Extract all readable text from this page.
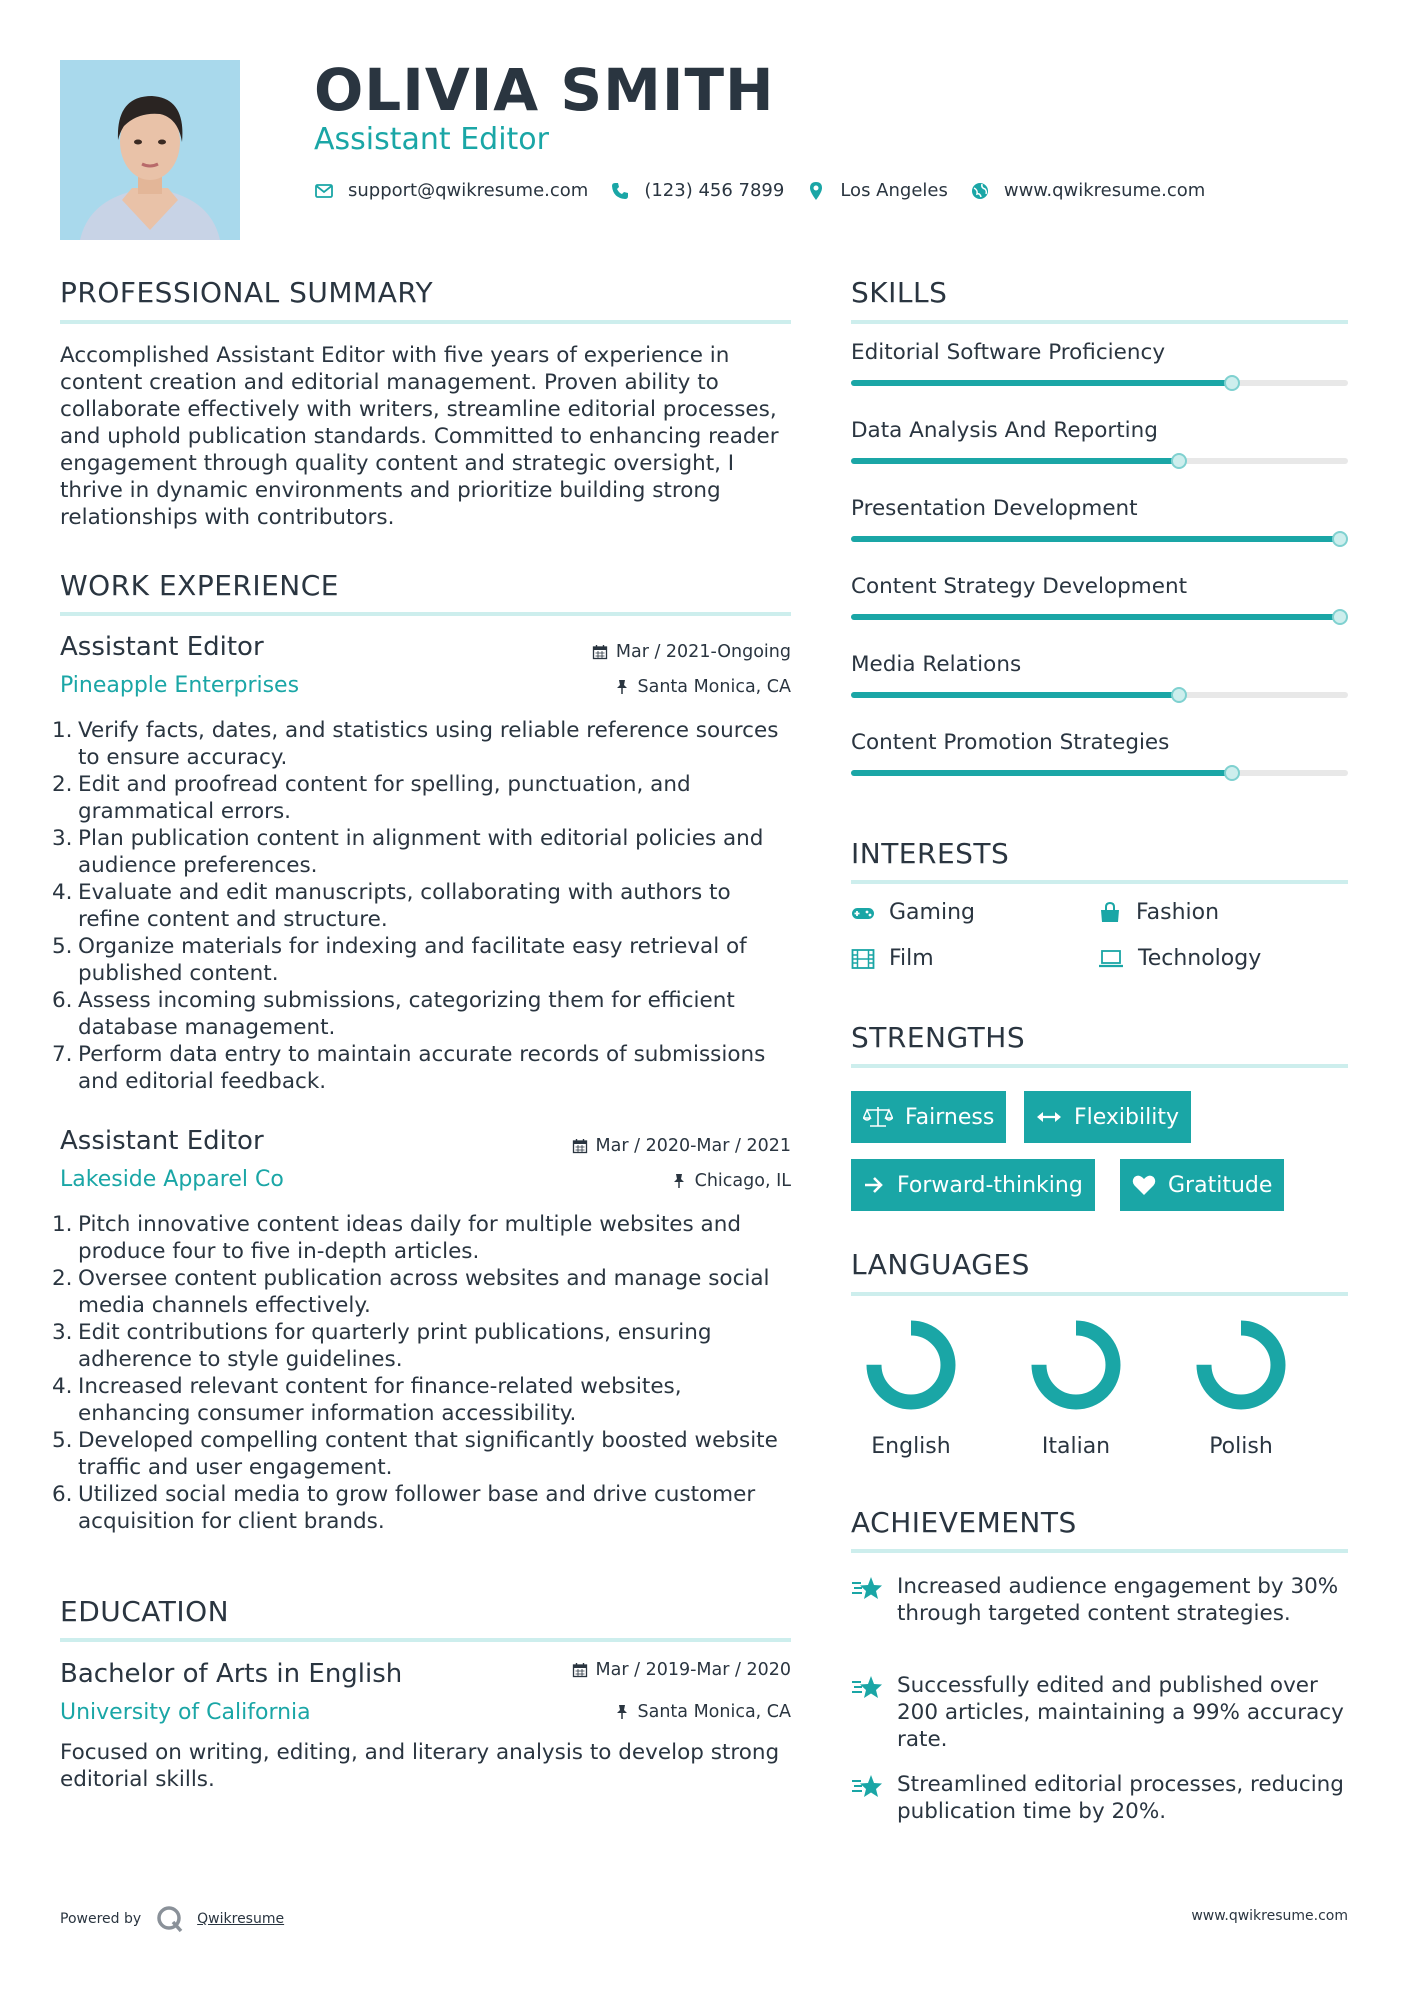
OLIVIA SMITH
Assistant Editor
support@qwikresume.com	(123) 456 7899	Los Angeles	www.qwikresume.com
PROFESSIONAL SUMMARY
Accomplished Assistant Editor with five years of experience in content creation and editorial management. Proven ability to collaborate effectively with writers, streamline editorial processes, and uphold publication standards. Committed to enhancing reader engagement through quality content and strategic oversight, I thrive in dynamic environments and prioritize building strong relationships with contributors.
WORK EXPERIENCE
Assistant Editor	Mar / 2021-Ongoing
Pineapple Enterprises	Santa Monica, CA
1. Verify facts, dates, and statistics using reliable reference sources to ensure accuracy.
2. Edit and proofread content for spelling, punctuation, and grammatical errors.
3. Plan publication content in alignment with editorial policies and audience preferences.
4. Evaluate and edit manuscripts, collaborating with authors to refine content and structure.
5. Organize materials for indexing and facilitate easy retrieval of published content.
6. Assess incoming submissions, categorizing them for efficient database management.
7. Perform data entry to maintain accurate records of submissions and editorial feedback.
Assistant Editor	Mar / 2020-Mar / 2021
Lakeside Apparel Co	Chicago, IL
1. Pitch innovative content ideas daily for multiple websites and produce four to five in-depth articles.
2. Oversee content publication across websites and manage social media channels effectively.
3. Edit contributions for quarterly print publications, ensuring adherence to style guidelines.
4. Increased relevant content for finance-related websites, enhancing consumer information accessibility.
5. Developed compelling content that significantly boosted website traffic and user engagement.
6. Utilized social media to grow follower base and drive customer acquisition for client brands.
EDUCATION
Bachelor of Arts in English	Mar / 2019-Mar / 2020
University of California	Santa Monica, CA
Focused on writing, editing, and literary analysis to develop strong editorial skills.
SKILLS
Editorial Software Proficiency
Data Analysis And Reporting
Presentation Development
Content Strategy Development
Media Relations
Content Promotion Strategies
INTERESTS
Gaming	Fashion
Film	Technology
STRENGTHS
Fairness	Flexibility
Forward-thinking	Gratitude
LANGUAGES
English	Italian	Polish
ACHIEVEMENTS
Increased audience engagement by 30% through targeted content strategies.
Successfully edited and published over 200 articles, maintaining a 99% accuracy rate.
Streamlined editorial processes, reducing publication time by 20%.
Powered by	Qwikresume	www.qwikresume.com
